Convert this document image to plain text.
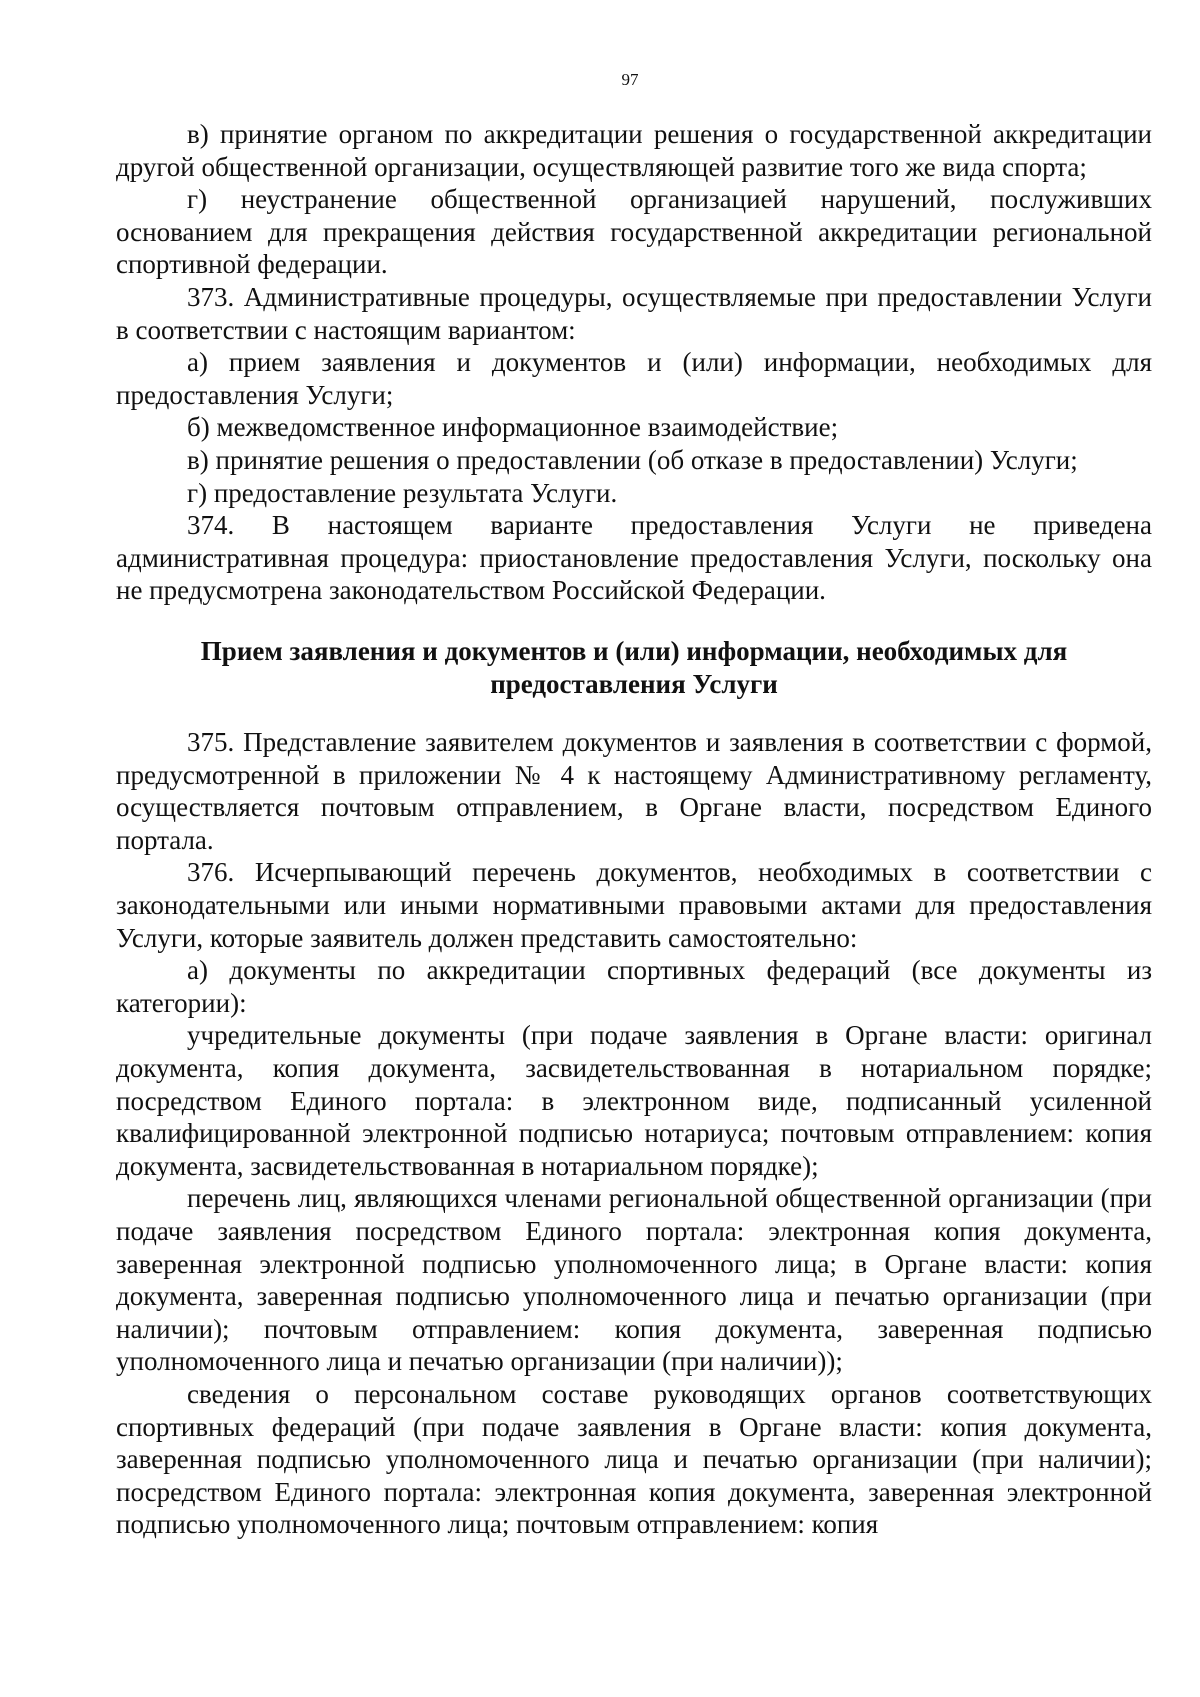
97

в) принятие органом по аккредитации решения о государственной аккредитации другой общественной организации, осуществляющей развитие того же вида спорта;

г) неустранение общественной организацией нарушений, послуживших основанием для прекращения действия государственной аккредитации региональной спортивной федерации.

373. Административные процедуры, осуществляемые при предоставлении Услуги в соответствии с настоящим вариантом:

а) прием заявления и документов и (или) информации, необходимых для предоставления Услуги;

б) межведомственное информационное взаимодействие;

в) принятие решения о предоставлении (об отказе в предоставлении) Услуги;

г) предоставление результата Услуги.

374. В настоящем варианте предоставления Услуги не приведена административная процедура: приостановление предоставления Услуги, поскольку она не предусмотрена законодательством Российской Федерации.

Прием заявления и документов и (или) информации, необходимых для предоставления Услуги

375. Представление заявителем документов и заявления в соответствии с формой, предусмотренной в приложении № 4 к настоящему Административному регламенту, осуществляется почтовым отправлением, в Органе власти, посредством Единого портала.

376. Исчерпывающий перечень документов, необходимых в соответствии с законодательными или иными нормативными правовыми актами для предоставления Услуги, которые заявитель должен представить самостоятельно:

а) документы по аккредитации спортивных федераций (все документы из категории):

учредительные документы (при подаче заявления в Органе власти: оригинал документа, копия документа, засвидетельствованная в нотариальном порядке; посредством Единого портала: в электронном виде, подписанный усиленной квалифицированной электронной подписью нотариуса; почтовым отправлением: копия документа, засвидетельствованная в нотариальном порядке);

перечень лиц, являющихся членами региональной общественной организации (при подаче заявления посредством Единого портала: электронная копия документа, заверенная электронной подписью уполномоченного лица; в Органе власти: копия документа, заверенная подписью уполномоченного лица и печатью организации (при наличии); почтовым отправлением: копия документа, заверенная подписью уполномоченного лица и печатью организации (при наличии));

сведения о персональном составе руководящих органов соответствующих спортивных федераций (при подаче заявления в Органе власти: копия документа, заверенная подписью уполномоченного лица и печатью организации (при наличии); посредством Единого портала: электронная копия документа, заверенная электронной подписью уполномоченного лица; почтовым отправлением: копия
